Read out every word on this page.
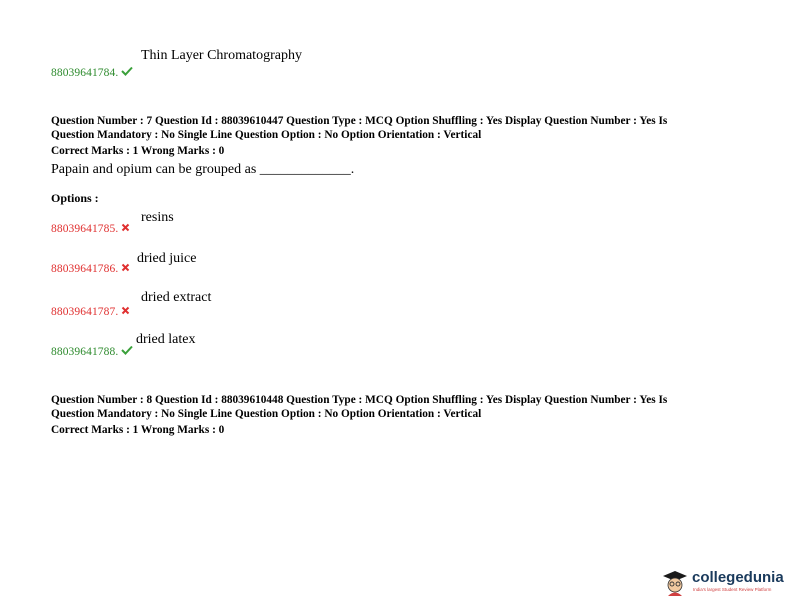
88039641784.
Thin Layer Chromatography
Question Number : 7 Question Id : 88039610447 Question Type : MCQ Option Shuffling : Yes Display Question Number : Yes Is
Question Mandatory : No Single Line Question Option : No Option Orientation : Vertical
Correct Marks : 1 Wrong Marks : 0
Papain and opium can be grouped as _____________.
Options :
88039641785.
resins
88039641786.
dried juice
88039641787.
dried extract
88039641788.
dried latex
Question Number : 8 Question Id : 88039610448 Question Type : MCQ Option Shuffling : Yes Display Question Number : Yes Is
Question Mandatory : No Single Line Question Option : No Option Orientation : Vertical
Correct Marks : 1 Wrong Marks : 0
collegedunia
India's largest Student Review Platform
